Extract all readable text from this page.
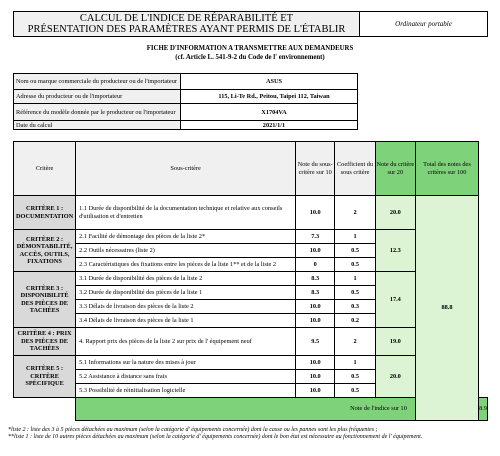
CALCUL DE L'INDICE DE RÉPARABILITÉ ET
PRÉSENTATION DES PARAMÈTRES AYANT PERMIS DE L'ÉTABLIR	Ordinateur portable
FICHE D'INFORMATION A TRANSMETTRE AUX DEMANDEURS
(cf. Article L. 541-9-2 du Code de l' environnement)
Nom ou marque commerciale du producteur ou de l'importateur	ASUS
Adresse du producteur ou de l'importateur	115, Li-Te Rd., Peitou, Taipei 112, Taiwan
Référence du modèle donnée par le producteur ou l'importateur	X1704VA
Date du calcul	2021/1/1
Critère	Sous-critère	Note du sous-critère sur 10	Coefficient du sous critère	Note du critère sur 20	Total des notes des critères sur 100	
CRITÈRE 1 : DOCUMENTATION	1.1 Durée de disponibilité de la documentation technique et relative aux conseils d'utilisation et d'entretien	10.0	2	20.0	88.8	
CRITÈRE 2 : DÉMONTABILITÉ, ACCÈS, OUTILS, FIXATIONS	2.1 Facilité de démontage des pièces de la liste 2*	7.3	1	12.3		
	2.2 Outils nécessaires (liste 2)	10.0	0.5			
	2.3 Caractéristiques des fixations entre les pièces de la liste 1** et de la liste 2	0	0.5			
CRITÈRE 3 : DISPONIBILITÉ DES PIÈCES DE TACHÈES	3.1 Durée de disponibilité des pièces de la liste 2	8.3	1	17.4		
	3.2 Durée de disponibilité des pièces de la liste 1	8.3	0.5			
	3.3 Délais de livraison des pièces de la liste 2	10.0	0.3			
	3.4 Délais de livraison des pièces de la liste 1	10.0	0.2			
CRITÈRE 4 : PRIX DES PIÈCES DE TACHÈES	4. Rapport prix des pièces de la liste 2 sur prix de l' équipement neuf	9.5	2	19.0		
CRITÈRE 5 : CRITÈRE SPÉCIFIQUE	5.1 Informations sur la nature des mises à jour	10.0	1	20.0		
	5.2 Assistance à distance sans frais	10.0	0.5			
	5.3 Possibilité de réinitialisation logicielle	10.0	0.5			
	Note de l'indice sur 10					8.9
*liste 2 : liste des 3 à 5 pièces détachées au maximum (selon la catégorie d' équipements concernée) dont la casse ou les pannes sont les plus fréquentes ;
**liste 1 : liste de 10 autres pièces détachées au maximum (selon la catégorie d' équipements concernée) dont le bon état est nécessaire au fonctionnement de l' équipement.
